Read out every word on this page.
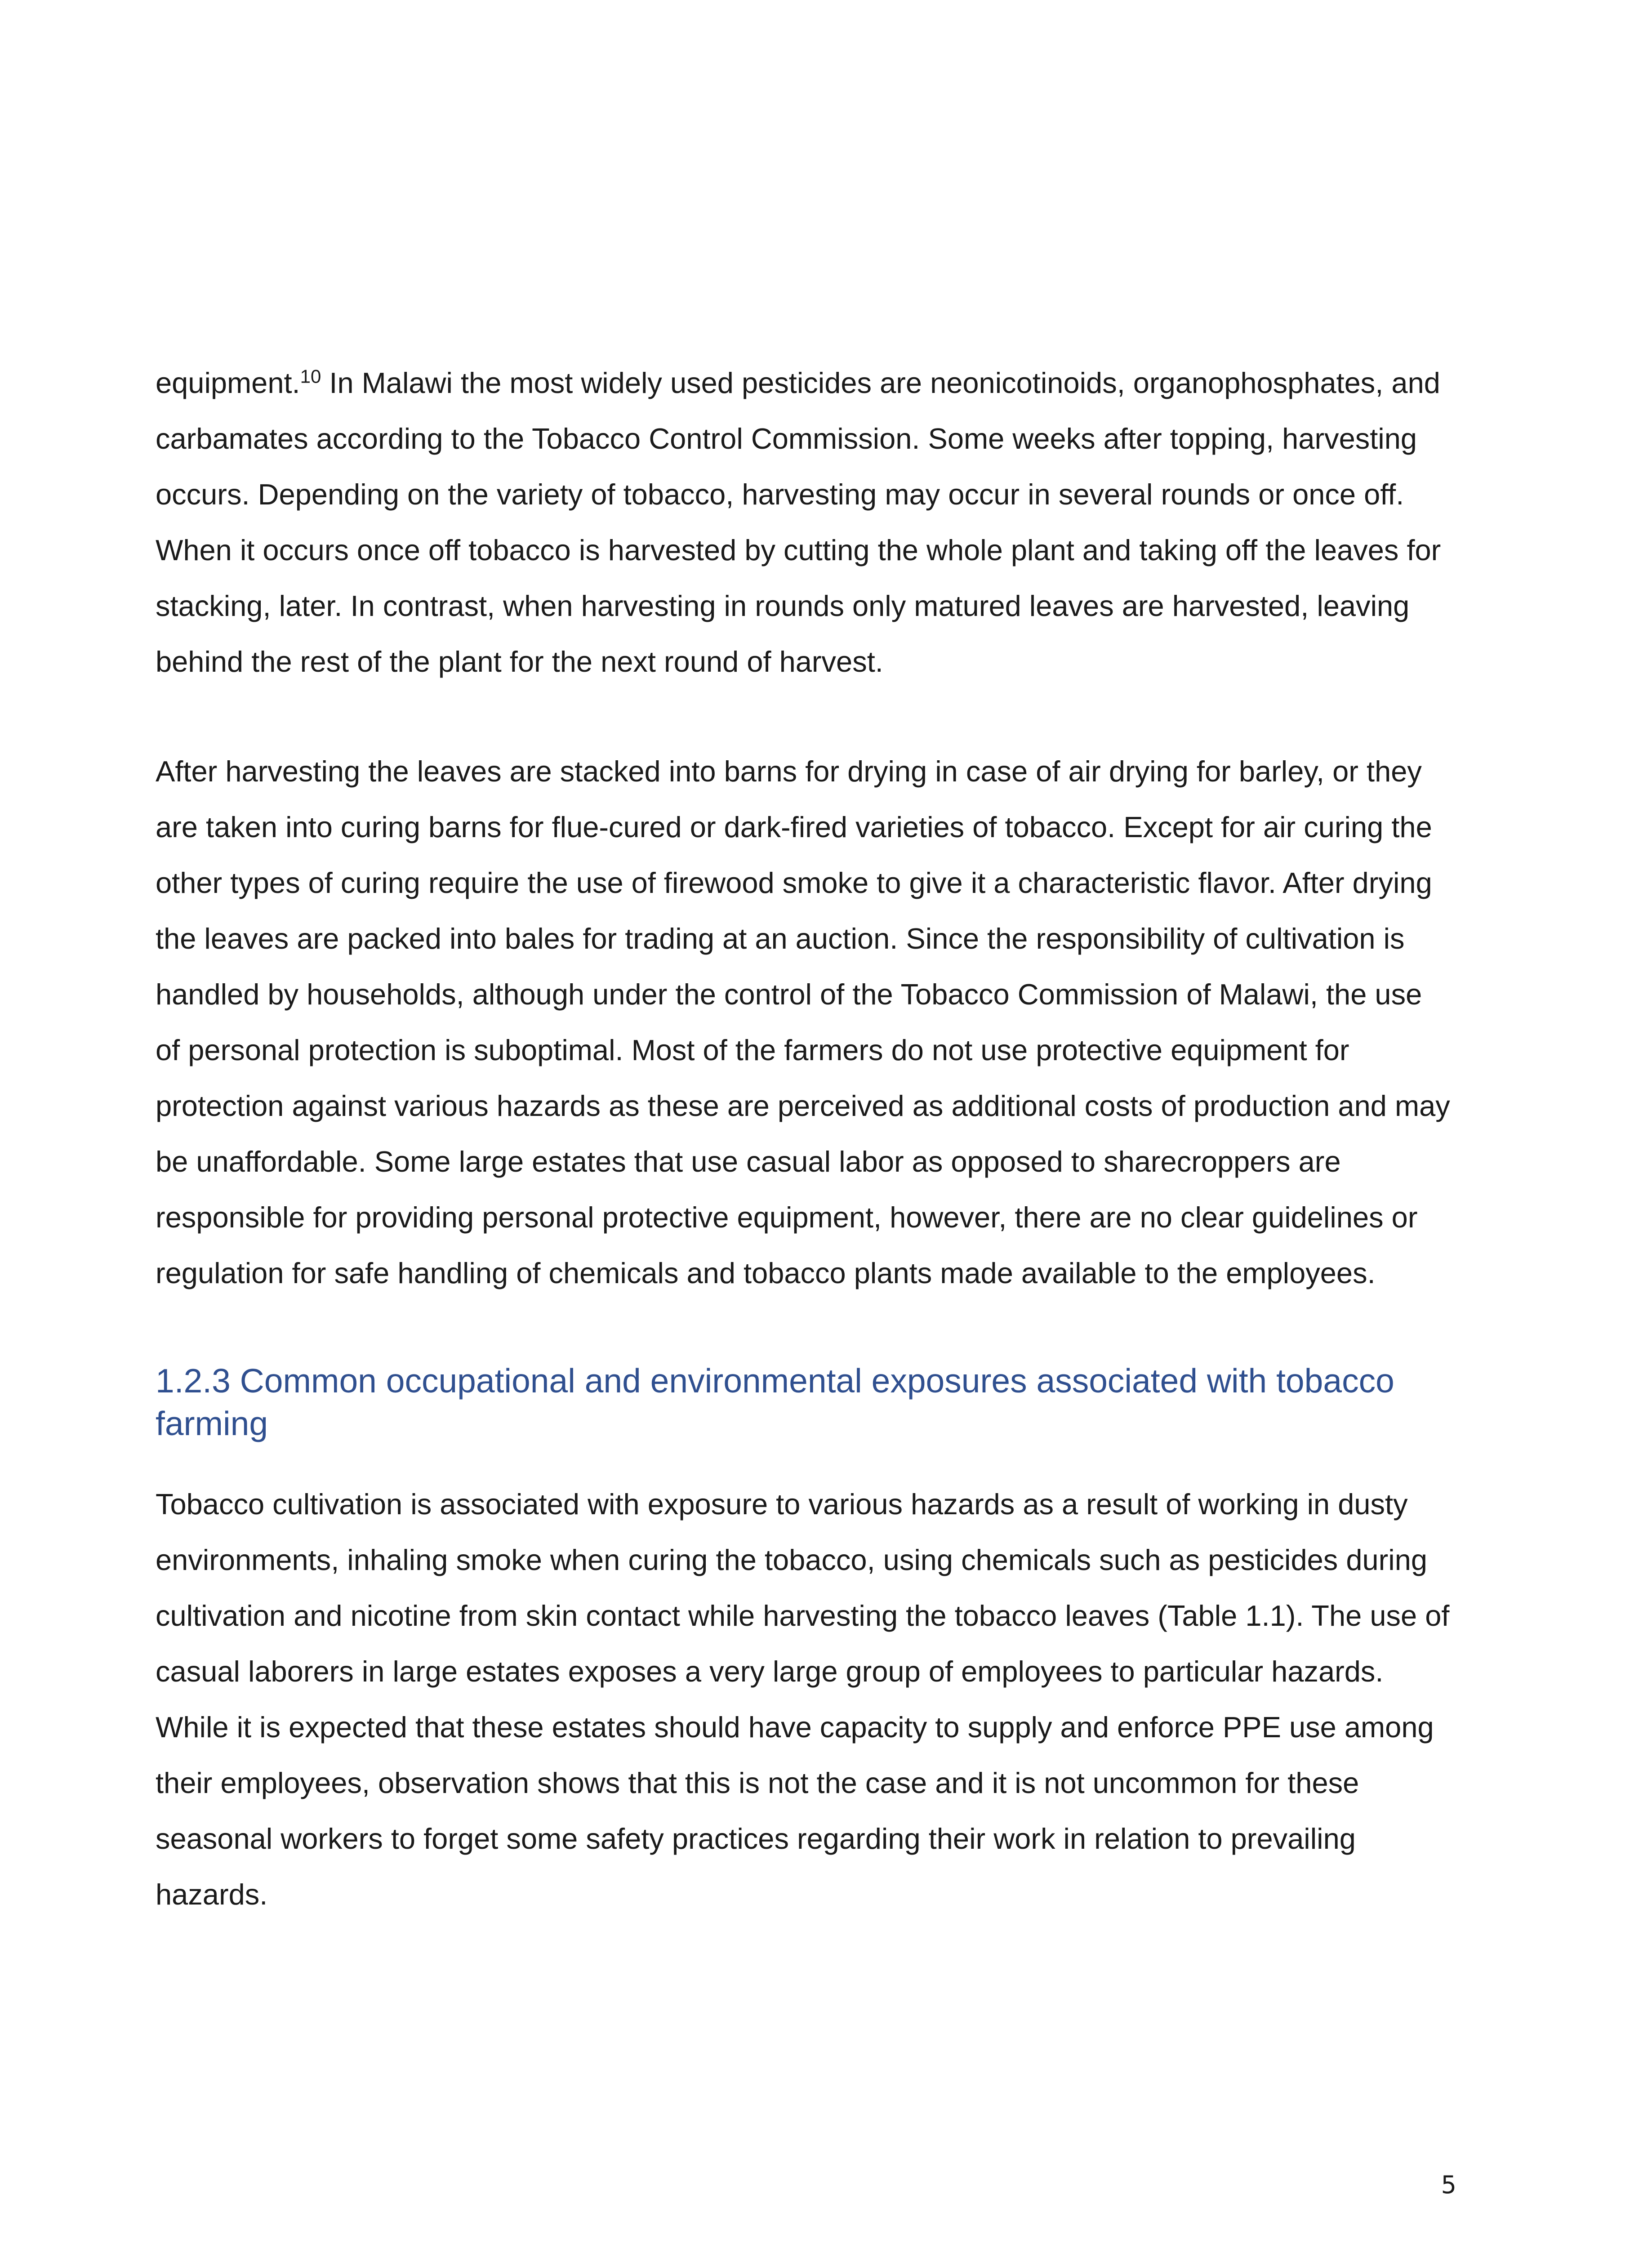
equipment.$^{10}$ In Malawi the most widely used pesticides are neonicotinoids, organophosphates, and carbamates according to the Tobacco Control Commission. Some weeks after topping, harvesting occurs. Depending on the variety of tobacco, harvesting may occur in several rounds or once off. When it occurs once off tobacco is harvested by cutting the whole plant and taking off the leaves for stacking, later. In contrast, when harvesting in rounds only matured leaves are harvested, leaving behind the rest of the plant for the next round of harvest.

After harvesting the leaves are stacked into barns for drying in case of air drying for barley, or they are taken into curing barns for flue-cured or dark-fired varieties of tobacco. Except for air curing the other types of curing require the use of firewood smoke to give it a characteristic flavor. After drying the leaves are packed into bales for trading at an auction. Since the responsibility of cultivation is handled by households, although under the control of the Tobacco Commission of Malawi, the use of personal protection is suboptimal. Most of the farmers do not use protective equipment for protection against various hazards as these are perceived as additional costs of production and may be unaffordable. Some large estates that use casual labor as opposed to sharecroppers are responsible for providing personal protective equipment, however, there are no clear guidelines or regulation for safe handling of chemicals and tobacco plants made available to the employees.

1.2.3 Common occupational and environmental exposures associated with tobacco farming

Tobacco cultivation is associated with exposure to various hazards as a result of working in dusty environments, inhaling smoke when curing the tobacco, using chemicals such as pesticides during cultivation and nicotine from skin contact while harvesting the tobacco leaves (Table 1.1). The use of casual laborers in large estates exposes a very large group of employees to particular hazards. While it is expected that these estates should have capacity to supply and enforce PPE use among their employees, observation shows that this is not the case and it is not uncommon for these seasonal workers to forget some safety practices regarding their work in relation to prevailing hazards.

5
